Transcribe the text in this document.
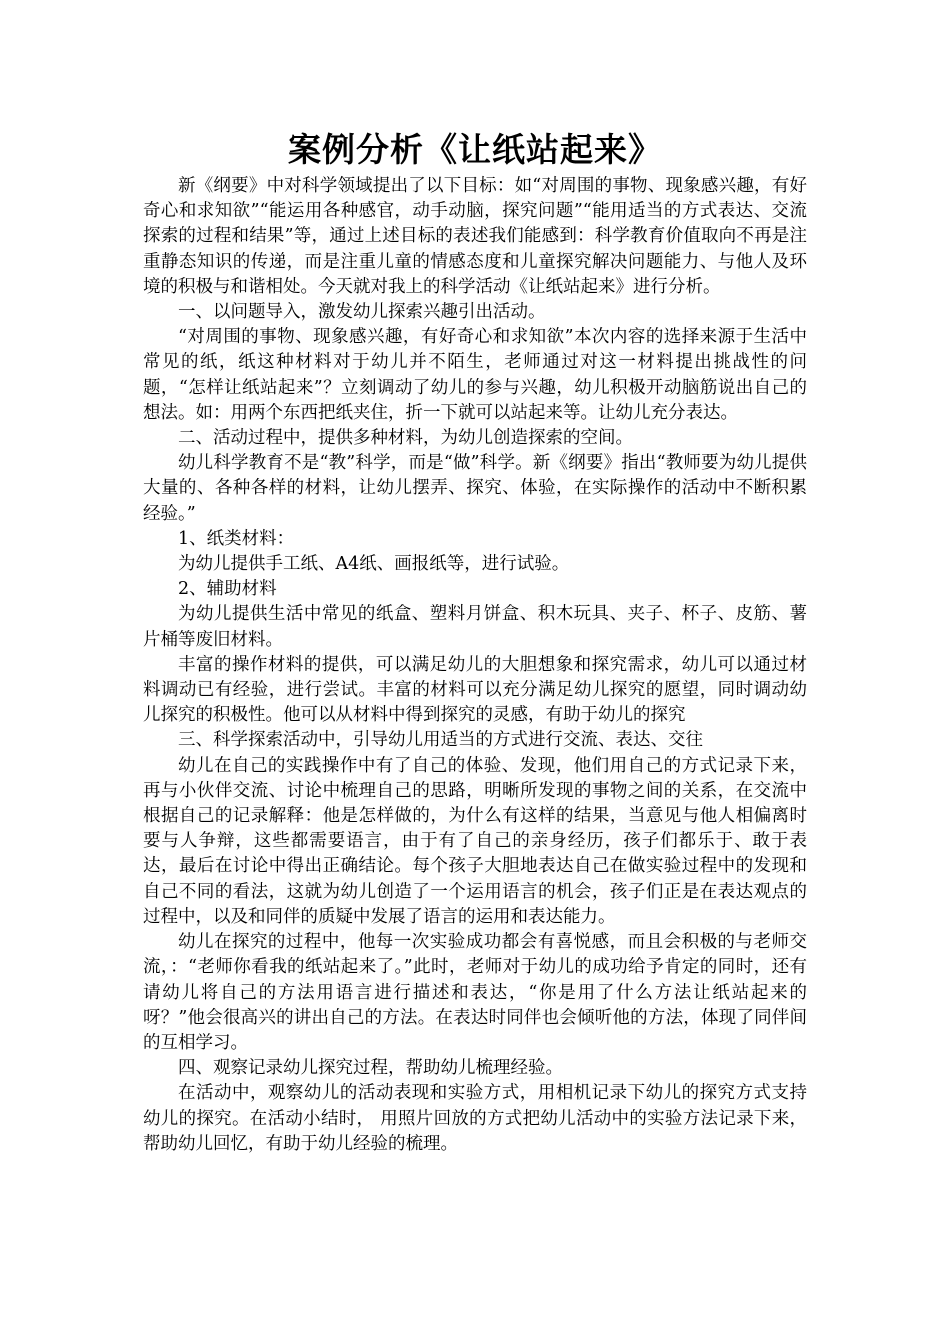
案例分析《让纸站起来》

新《纲要》中对科学领域提出了以下目标：如“对周围的事物、现象感兴趣，有好奇心和求知欲”“能运用各种感官，动手动脑，探究问题”“能用适当的方式表达、交流探索的过程和结果”等，通过上述目标的表述我们能感到：科学教育价值取向不再是注重静态知识的传递，而是注重儿童的情感态度和儿童探究解决问题能力、与他人及环境的积极与和谐相处。今天就对我上的科学活动《让纸站起来》进行分析。

一、以问题导入，激发幼儿探索兴趣引出活动。

“对周围的事物、现象感兴趣，有好奇心和求知欲”本次内容的选择来源于生活中常见的纸，纸这种材料对于幼儿并不陌生，老师通过对这一材料提出挑战性的问题，“怎样让纸站起来”？立刻调动了幼儿的参与兴趣，幼儿积极开动脑筋说出自己的想法。如：用两个东西把纸夹住，折一下就可以站起来等。让幼儿充分表达。

二、活动过程中，提供多种材料，为幼儿创造探索的空间。

幼儿科学教育不是“教”科学，而是“做”科学。新《纲要》指出“教师要为幼儿提供大量的、各种各样的材料，让幼儿摆弄、探究、体验，在实际操作的活动中不断积累经验。”

1、纸类材料：

为幼儿提供手工纸、A4纸、画报纸等，进行试验。

2、辅助材料

为幼儿提供生活中常见的纸盒、塑料月饼盒、积木玩具、夹子、杯子、皮筋、薯片桶等废旧材料。

丰富的操作材料的提供，可以满足幼儿的大胆想象和探究需求，幼儿可以通过材料调动已有经验，进行尝试。丰富的材料可以充分满足幼儿探究的愿望，同时调动幼儿探究的积极性。他可以从材料中得到探究的灵感，有助于幼儿的探究

三、科学探索活动中，引导幼儿用适当的方式进行交流、表达、交往

幼儿在自己的实践操作中有了自己的体验、发现，他们用自己的方式记录下来，再与小伙伴交流、讨论中梳理自己的思路，明晰所发现的事物之间的关系，在交流中根据自己的记录解释：他是怎样做的，为什么有这样的结果，当意见与他人相偏离时要与人争辩，这些都需要语言，由于有了自己的亲身经历，孩子们都乐于、敢于表达，最后在讨论中得出正确结论。每个孩子大胆地表达自己在做实验过程中的发现和自己不同的看法，这就为幼儿创造了一个运用语言的机会，孩子们正是在表达观点的过程中，以及和同伴的质疑中发展了语言的运用和表达能力。

幼儿在探究的过程中，他每一次实验成功都会有喜悦感，而且会积极的与老师交流，：“老师你看我的纸站起来了。”此时，老师对于幼儿的成功给予肯定的同时，还有请幼儿将自己的方法用语言进行描述和表达，“你是用了什么方法让纸站起来的呀？”他会很高兴的讲出自己的方法。在表达时同伴也会倾听他的方法，体现了同伴间的互相学习。

四、观察记录幼儿探究过程，帮助幼儿梳理经验。

在活动中，观察幼儿的活动表现和实验方式，用相机记录下幼儿的探究方式支持幼儿的探究。在活动小结时， 用照片回放的方式把幼儿活动中的实验方法记录下来，帮助幼儿回忆，有助于幼儿经验的梳理。
